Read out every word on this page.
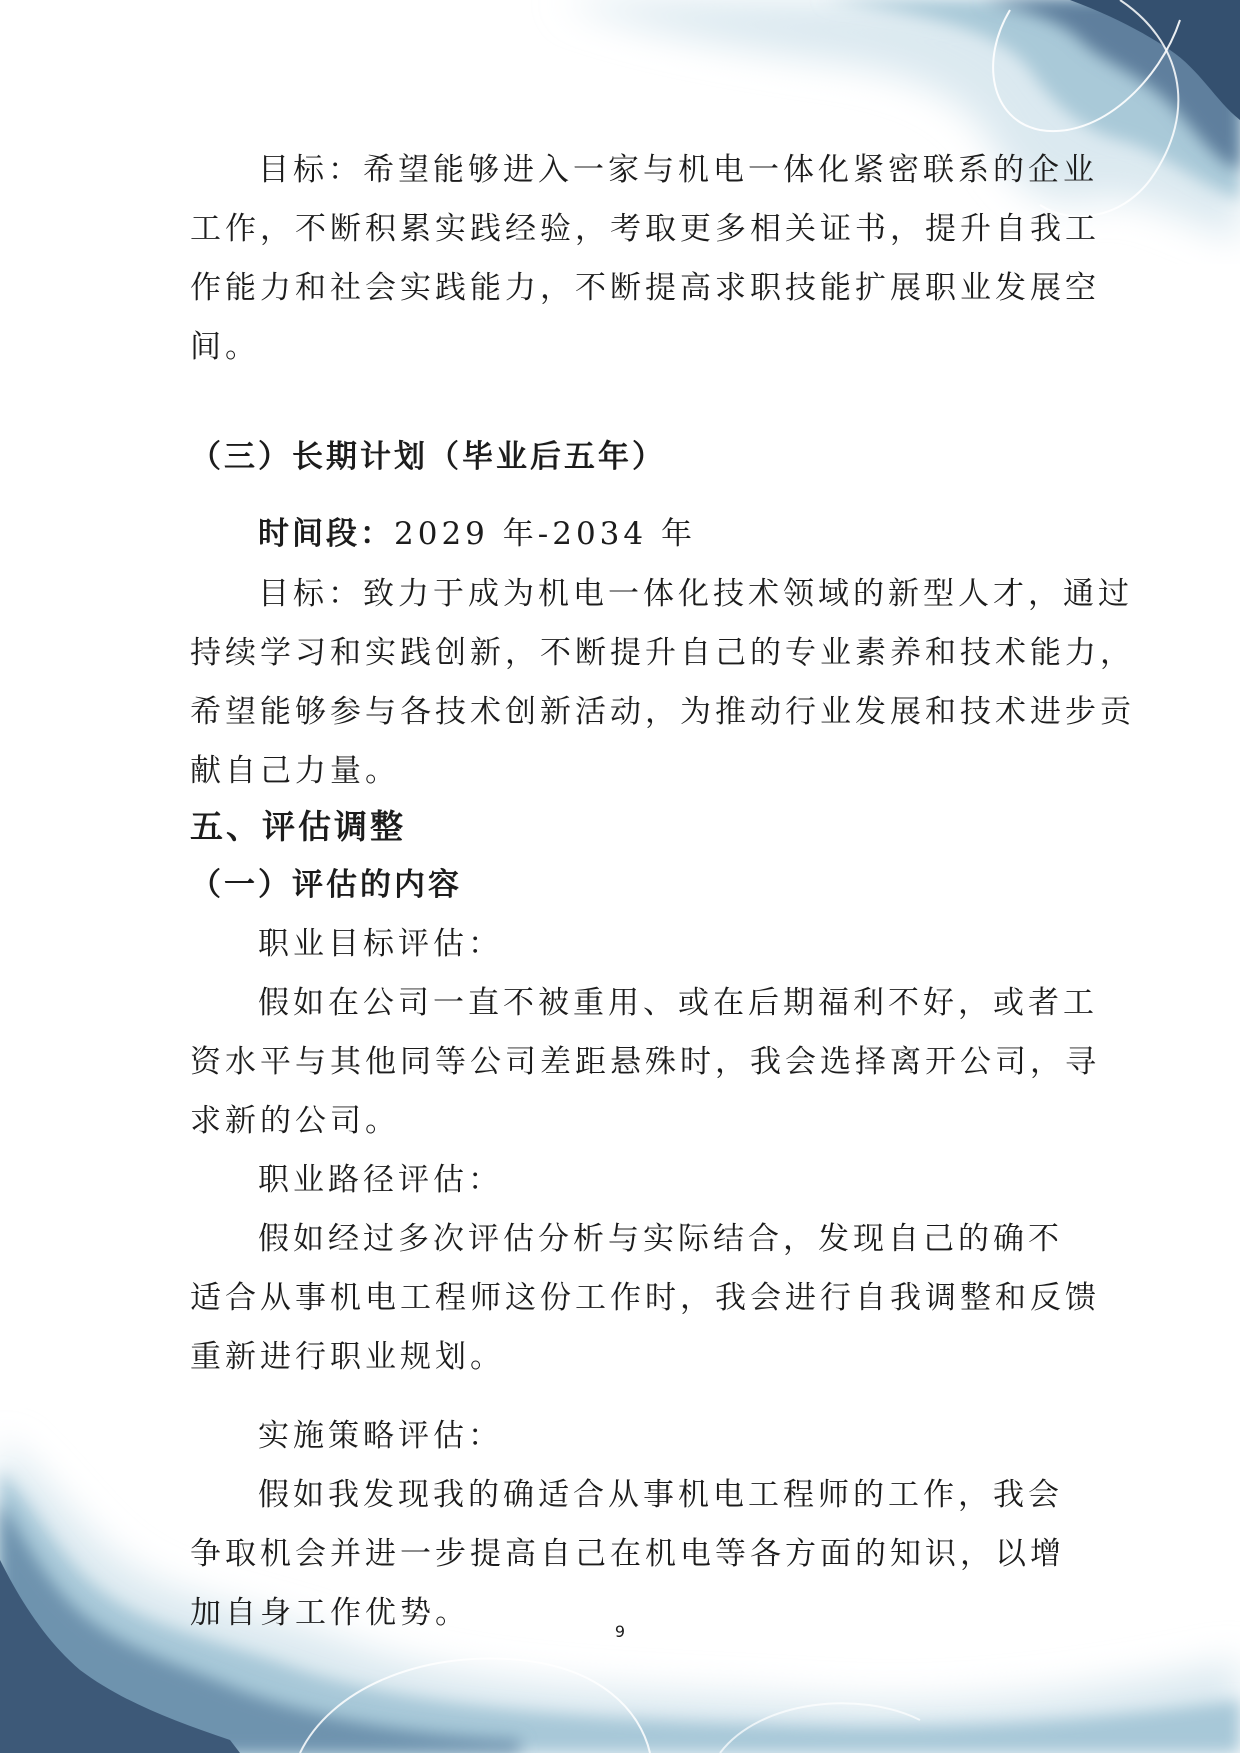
目标：希望能够进入一家与机电一体化紧密联系的企业
工作，不断积累实践经验，考取更多相关证书，提升自我工
作能力和社会实践能力，不断提高求职技能扩展职业发展空
间。
（三）长期计划（毕业后五年）
时间段：2029 年-2034 年
目标：致力于成为机电一体化技术领域的新型人才，通过
持续学习和实践创新，不断提升自己的专业素养和技术能力，
希望能够参与各技术创新活动，为推动行业发展和技术进步贡
献自己力量。
五、评估调整
（一）评估的内容
职业目标评估：
假如在公司一直不被重用、或在后期福利不好，或者工
资水平与其他同等公司差距悬殊时，我会选择离开公司，寻
求新的公司。
职业路径评估：
假如经过多次评估分析与实际结合，发现自己的确不
适合从事机电工程师这份工作时，我会进行自我调整和反馈
重新进行职业规划。
实施策略评估：
假如我发现我的确适合从事机电工程师的工作，我会
争取机会并进一步提高自己在机电等各方面的知识，以增
加自身工作优势。
9
